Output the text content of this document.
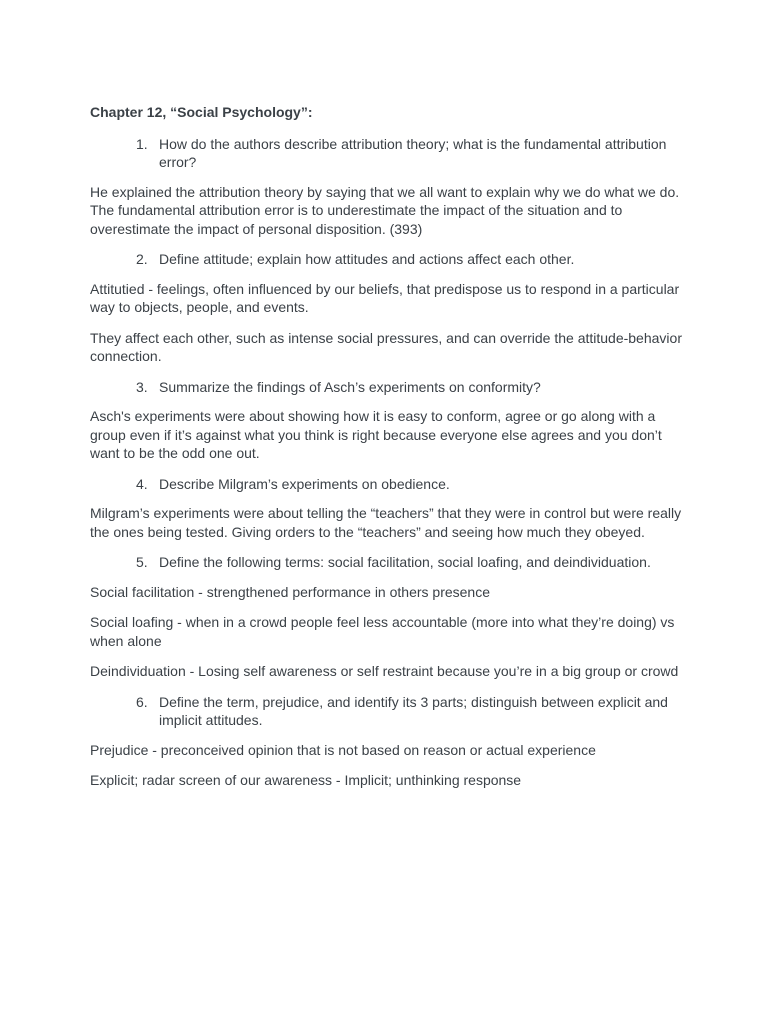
Chapter 12, “Social Psychology”:
1. How do the authors describe attribution theory; what is the fundamental attribution error?

He explained the attribution theory by saying that we all want to explain why we do what we do. The fundamental attribution error is to underestimate the impact of the situation and to overestimate the impact of personal disposition. (393)

2. Define attitude; explain how attitudes and actions affect each other.

Attitutied - feelings, often influenced by our beliefs, that predispose us to respond in a particular way to objects, people, and events.

They affect each other, such as intense social pressures, and can override the attitude-behavior connection.

3. Summarize the findings of Asch’s experiments on conformity?

Asch's experiments were about showing how it is easy to conform, agree or go along with a group even if it’s against what you think is right because everyone else agrees and you don’t want to be the odd one out.

4. Describe Milgram’s experiments on obedience.

Milgram’s experiments were about telling the “teachers” that they were in control but were really the ones being tested. Giving orders to the “teachers” and seeing how much they obeyed.

5. Define the following terms: social facilitation, social loafing, and deindividuation.

Social facilitation - strengthened performance in others presence

Social loafing - when in a crowd people feel less accountable (more into what they’re doing) vs when alone

Deindividuation - Losing self awareness or self restraint because you’re in a big group or crowd

6. Define the term, prejudice, and identify its 3 parts; distinguish between explicit and implicit attitudes.

Prejudice - preconceived opinion that is not based on reason or actual experience

Explicit; radar screen of our awareness - Implicit; unthinking response
